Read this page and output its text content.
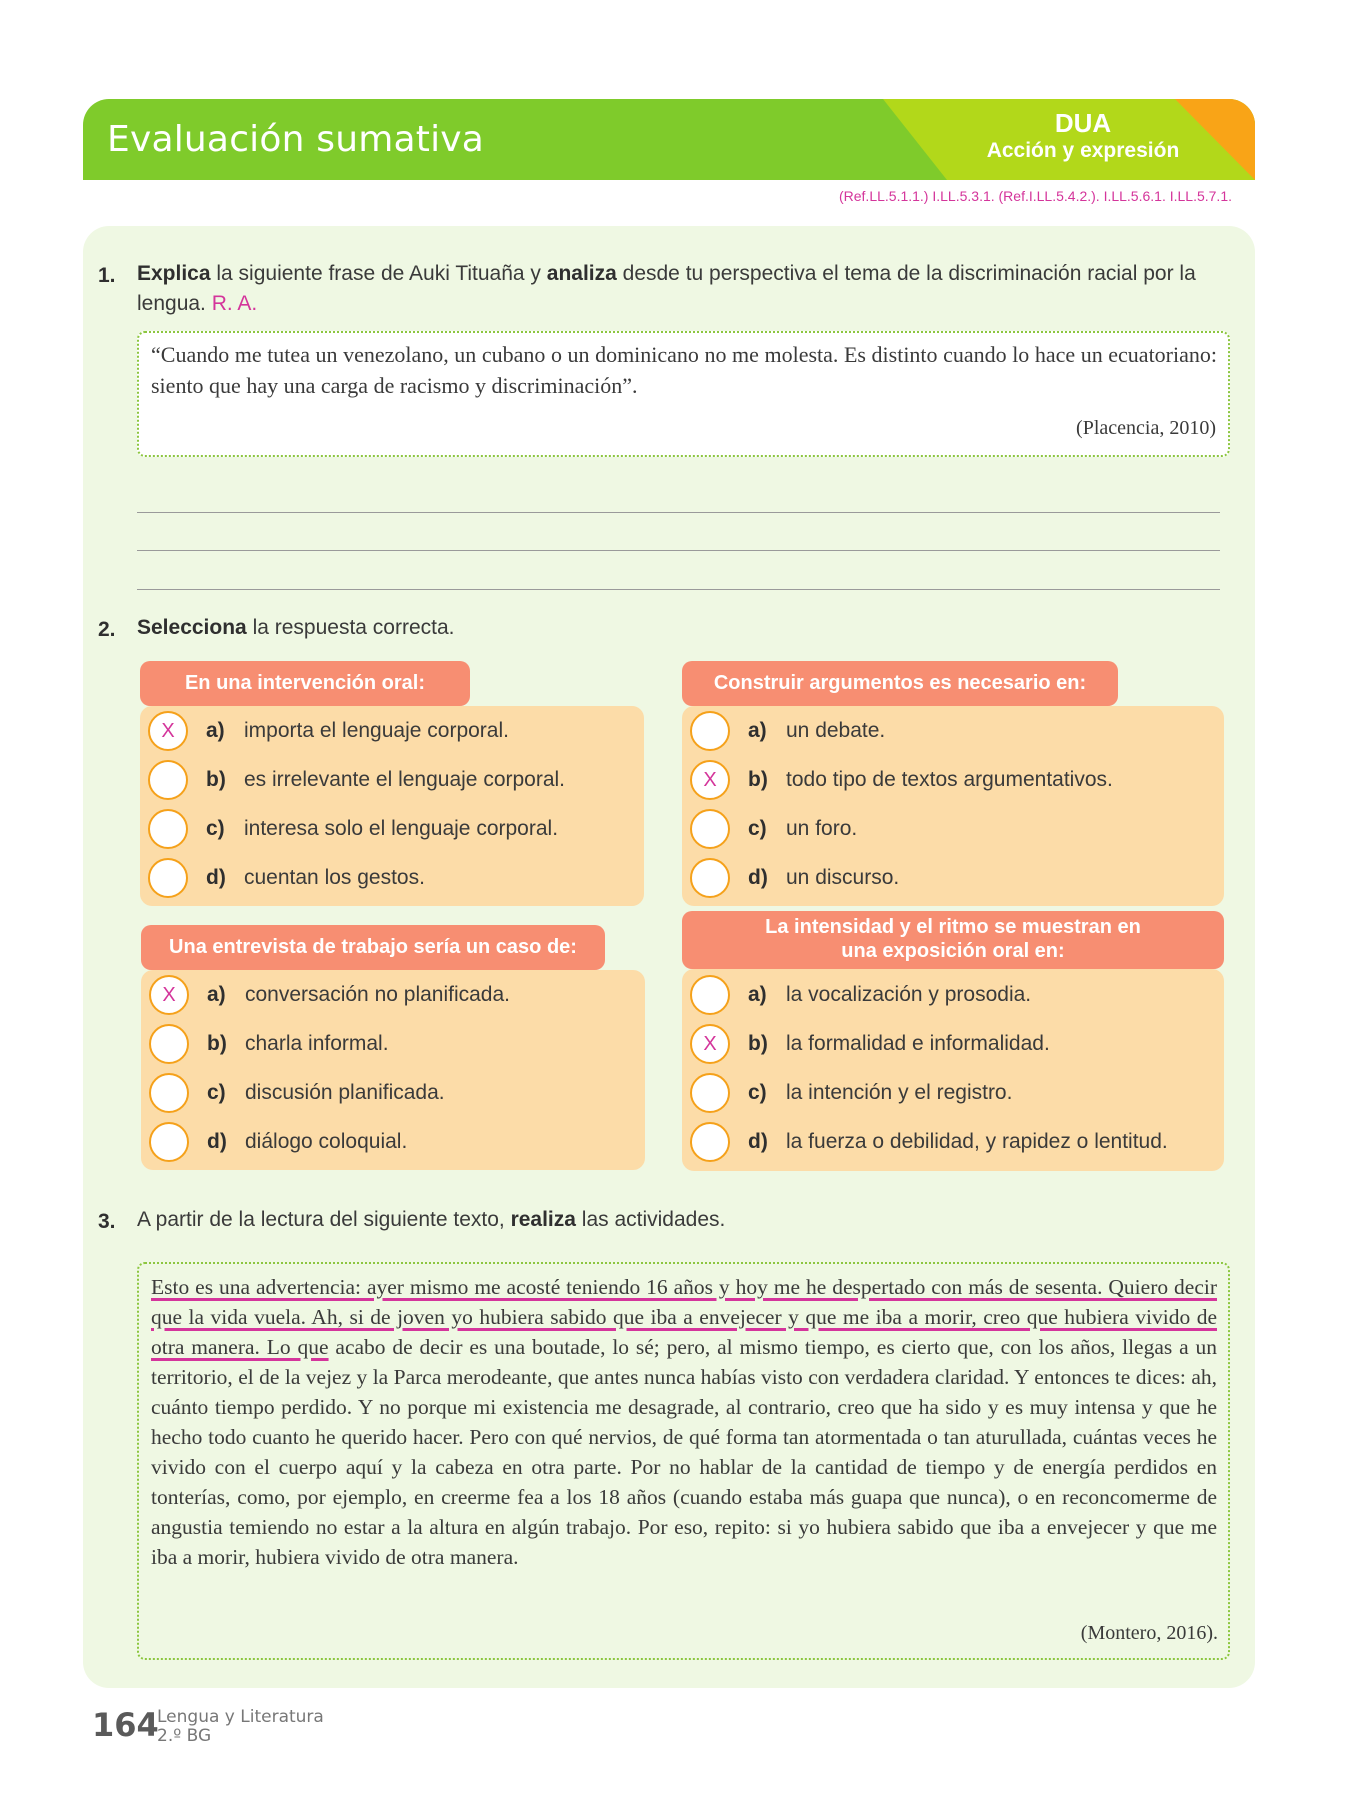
Evaluación sumativa	DUA
Acción y expresión
(Ref.LL.5.1.1.) I.LL.5.3.1. (Ref.I.LL.5.4.2.). I.LL.5.6.1. I.LL.5.7.1.
1. Explica la siguiente frase de Auki Tituaña y analiza desde tu perspectiva el tema de la discriminación racial por la lengua. R. A.
“Cuando me tutea un venezolano, un cubano o un dominicano no me molesta. Es distinto cuando lo hace un ecuatoriano: siento que hay una carga de racismo y discriminación”.
(Placencia, 2010)
2. Selecciona la respuesta correcta.
En una intervención oral:
X	a) importa el lenguaje corporal.
b) es irrelevante el lenguaje corporal.
c) interesa solo el lenguaje corporal.
d) cuentan los gestos.
Construir argumentos es necesario en:
a) un debate.
X	b) todo tipo de textos argumentativos.
c) un foro.
d) un discurso.
Una entrevista de trabajo sería un caso de:
X	a) conversación no planificada.
b) charla informal.
c) discusión planificada.
d) diálogo coloquial.
La intensidad y el ritmo se muestran en
una exposición oral en:
a) la vocalización y prosodia.
X	b) la formalidad e informalidad.
c) la intención y el registro.
d) la fuerza o debilidad, y rapidez o lentitud.
3. A partir de la lectura del siguiente texto, realiza las actividades.
Esto es una advertencia: ayer mismo me acosté teniendo 16 años y hoy me he despertado con más de sesenta. Quiero decir que la vida vuela. Ah, si de joven yo hubiera sabido que iba a envejecer y que me iba a morir, creo que hubiera vivido de otra manera. Lo que acabo de decir es una boutade, lo sé; pero, al mismo tiempo, es cierto que, con los años, llegas a un territorio, el de la vejez y la Parca merodeante, que antes nunca habías visto con verdadera claridad. Y entonces te dices: ah, cuánto tiempo perdido. Y no porque mi existencia me desagrade, al contrario, creo que ha sido y es muy intensa y que he hecho todo cuanto he querido hacer. Pero con qué nervios, de qué forma tan atormentada o tan aturullada, cuántas veces he vivido con el cuerpo aquí y la cabeza en otra parte. Por no hablar de la cantidad de tiempo y de energía perdidos en tonterías, como, por ejemplo, en creerme fea a los 18 años (cuando estaba más guapa que nunca), o en reconcomerme de angustia temiendo no estar a la altura en algún trabajo. Por eso, repito: si yo hubiera sabido que iba a envejecer y que me iba a morir, hubiera vivido de otra manera.
(Montero, 2016).
164
Lengua y Literatura
2.º BG
